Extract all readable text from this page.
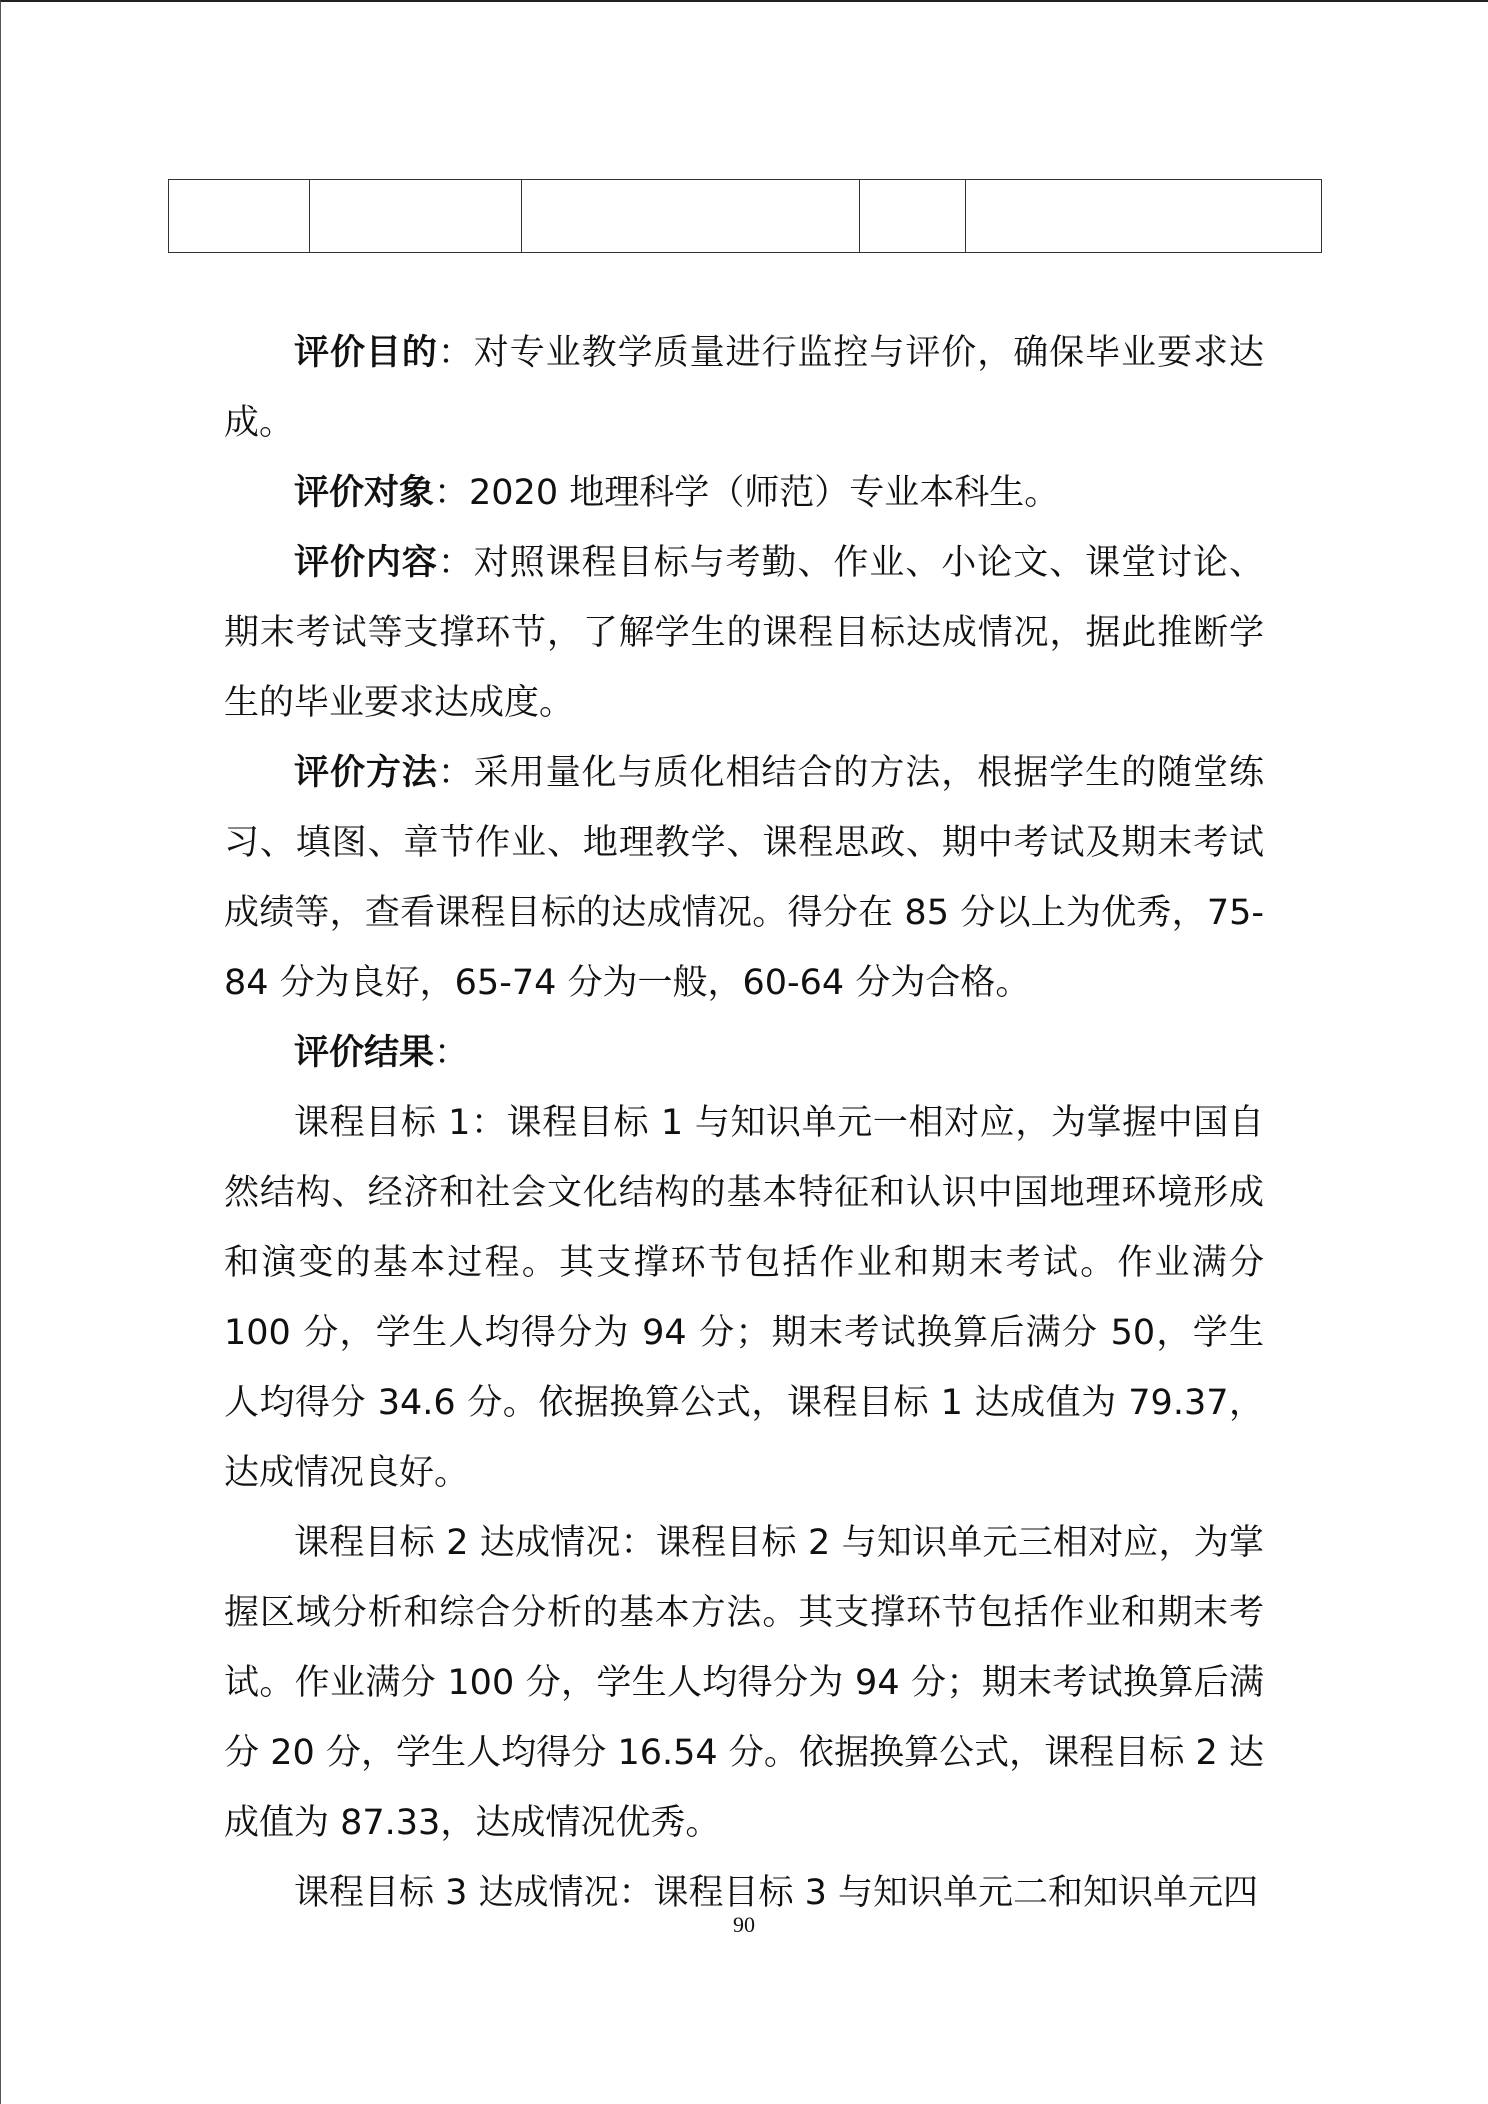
评价目的：对专业教学质量进行监控与评价，确保毕业要求达成。

评价对象：2020 地理科学（师范）专业本科生。

评价内容：对照课程目标与考勤、作业、小论文、课堂讨论、期末考试等支撑环节，了解学生的课程目标达成情况，据此推断学生的毕业要求达成度。

评价方法：采用量化与质化相结合的方法，根据学生的随堂练习、填图、章节作业、地理教学、课程思政、期中考试及期末考试成绩等，查看课程目标的达成情况。得分在 85 分以上为优秀，75-84 分为良好，65-74 分为一般，60-64 分为合格。

评价结果：

课程目标 1：课程目标 1 与知识单元一相对应，为掌握中国自然结构、经济和社会文化结构的基本特征和认识中国地理环境形成和演变的基本过程。其支撑环节包括作业和期末考试。作业满分 100 分，学生人均得分为 94 分；期末考试换算后满分 50，学生人均得分 34.6 分。依据换算公式，课程目标 1 达成值为 79.37，达成情况良好。

课程目标 2 达成情况：课程目标 2 与知识单元三相对应，为掌握区域分析和综合分析的基本方法。其支撑环节包括作业和期末考试。作业满分 100 分，学生人均得分为 94 分；期末考试换算后满分 20 分，学生人均得分 16.54 分。依据换算公式，课程目标 2 达成值为 87.33，达成情况优秀。

课程目标 3 达成情况：课程目标 3 与知识单元二和知识单元四

90
